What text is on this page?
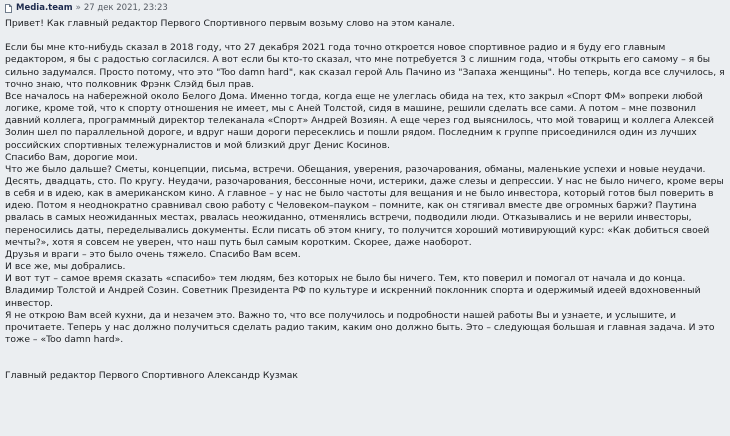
Media.team » 27 дек 2021, 23:23

Привет! Как главный редактор Первого Спортивного первым возьму слово на этом канале.

Если бы мне кто-нибудь сказал в 2018 году, что 27 декабря 2021 года точно откроется новое спортивное радио и я буду его главным

редактором, я бы с радостью согласился. А вот если бы кто-то сказал, что мне потребуется 3 с лишним года, чтобы открыть его самому – я бы

сильно задумался. Просто потому, что это "Too damn hard", как сказал герой Аль Пачино из "Запаха женщины". Но теперь, когда все случилось, я

точно знаю, что полковник Фрэнк Слэйд был прав.

Все началось на набережной около Белого Дома. Именно тогда, когда еще не улеглась обида на тех, кто закрыл «Спорт ФМ» вопреки любой

логике, кроме той, что к спорту отношения не имеет, мы с Аней Толстой, сидя в машине, решили сделать все сами. А потом – мне позвонил

давний коллега, программный директор телеканала «Спорт» Андрей Возиян. А еще через год выяснилось, что мой товарищ и коллега Алексей

Золин шел по параллельной дороге, и вдруг наши дороги пересеклись и пошли рядом. Последним к группе присоединился один из лучших

российских спортивных тележурналистов и мой близкий друг Денис Косинов.

Спасибо Вам, дорогие мои.

Что же было дальше? Сметы, концепции, письма, встречи. Обещания, уверения, разочарования, обманы, маленькие успехи и новые неудачи.

Десять, двадцать, сто. По кругу. Неудачи, разочарования, бессонные ночи, истерики, даже слезы и депрессии. У нас не было ничего, кроме веры

в себя и в идею, как в американском кино. А главное – у нас не было частоты для вещания и не было инвестора, который готов был поверить в

идею. Потом я неоднократно сравнивал свою работу с Человеком–пауком – помните, как он стягивал вместе две огромных баржи? Паутина

рвалась в самых неожиданных местах, рвалась неожиданно, отменялись встречи, подводили люди. Отказывались и не верили инвесторы,

переносились даты, переделывались документы. Если писать об этом книгу, то получится хороший мотивирующий курс: «Как добиться своей

мечты?», хотя я совсем не уверен, что наш путь был самым коротким. Скорее, даже наоборот.

Друзья и враги – это было очень тяжело. Спасибо Вам всем.

И все же, мы добрались.

И вот тут – самое время сказать «спасибо» тем людям, без которых не было бы ничего. Тем, кто поверил и помогал от начала и до конца.

Владимир Толстой и Андрей Созин. Советник Президента РФ по культуре и искренний поклонник спорта и одержимый идеей вдохновенный

инвестор.

Я не открою Вам всей кухни, да и незачем это. Важно то, что все получилось и подробности нашей работы Вы и узнаете, и услышите, и

прочитаете. Теперь у нас должно получиться сделать радио таким, каким оно должно быть. Это – следующая большая и главная задача. И это

тоже – «Too damn hard».

Главный редактор Первого Спортивного Александр Кузмак
